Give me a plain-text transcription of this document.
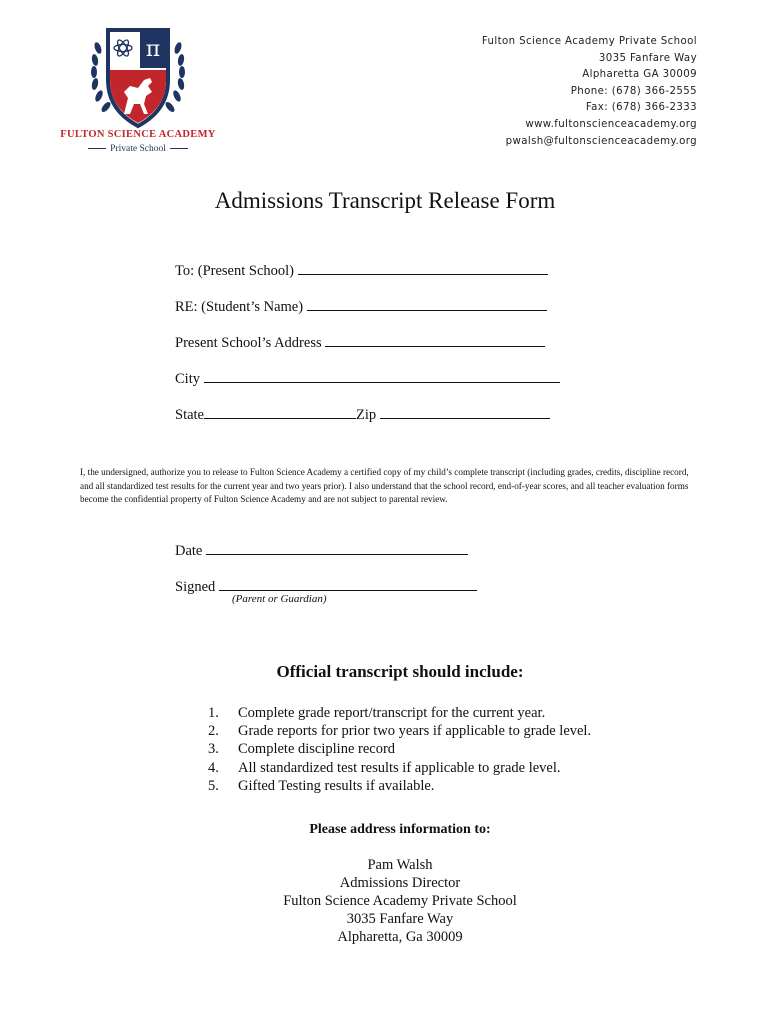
π
FULTON SCIENCE ACADEMY
Private School
Fulton Science Academy Private School
3035 Fanfare Way
Alpharetta GA 30009
Phone: (678) 366-2555
Fax: (678) 366-2333
www.fultonscienceacademy.org
pwalsh@fultonscienceacademy.org
Admissions Transcript Release Form
To: (Present School)
RE: (Student’s Name)
Present School’s Address
City
State	Zip
I, the undersigned, authorize you to release to Fulton Science Academy a certified copy of my child’s complete transcript (including grades, credits, discipline record, and all standardized test results for the current year and two years prior). I also understand that the school record, end-of-year scores, and all teacher evaluation forms become the confidential property of Fulton Science Academy and are not subject to parental review.
Date
Signed
(Parent or Guardian)
Official transcript should include:
1. Complete grade report/transcript for the current year.
2. Grade reports for prior two years if applicable to grade level.
3. Complete discipline record
4. All standardized test results if applicable to grade level.
5. Gifted Testing results if available.
Please address information to:
Pam Walsh
Admissions Director
Fulton Science Academy Private School
3035 Fanfare Way
Alpharetta, Ga 30009
